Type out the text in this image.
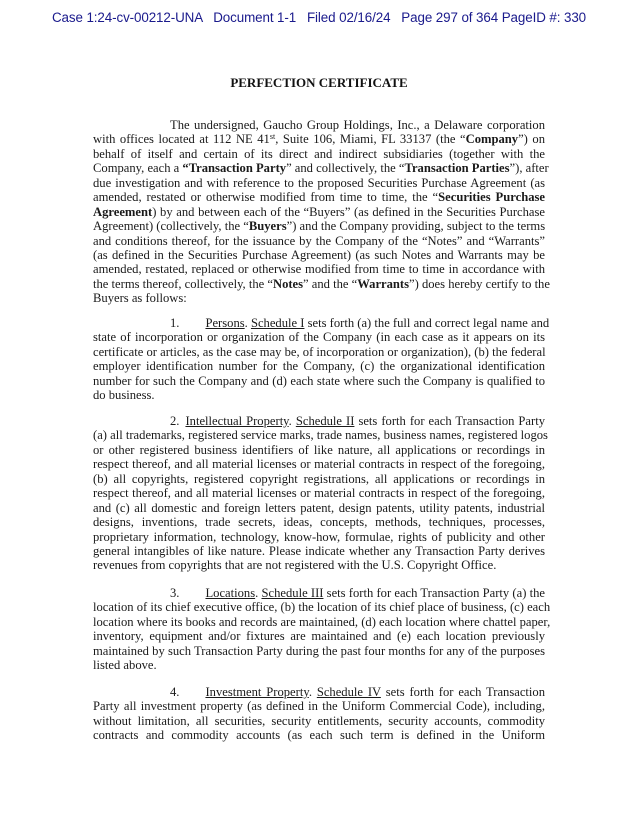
Case 1:24-cv-00212-UNA   Document 1-1   Filed 02/16/24   Page 297 of 364 PageID #: 330
PERFECTION CERTIFICATE
The undersigned, Gaucho Group Holdings, Inc., a Delaware corporation
with offices located at 112 NE 41st, Suite 106, Miami, FL 33137 (the “Company”) on
behalf of itself and certain of its direct and indirect subsidiaries (together with the
Company, each a “Transaction Party” and collectively, the “Transaction Parties”), after
due investigation and with reference to the proposed Securities Purchase Agreement (as
amended, restated or otherwise modified from time to time, the “Securities Purchase
Agreement) by and between each of the “Buyers” (as defined in the Securities Purchase
Agreement) (collectively, the “Buyers”) and the Company providing, subject to the terms
and conditions thereof, for the issuance by the Company of the “Notes” and “Warrants”
(as defined in the Securities Purchase Agreement) (as such Notes and Warrants may be
amended, restated, replaced or otherwise modified from time to time in accordance with
the terms thereof, collectively, the “Notes” and the “Warrants”) does hereby certify to the
Buyers as follows:
1. Persons. Schedule I sets forth (a) the full and correct legal name and
state of incorporation or organization of the Company (in each case as it appears on its
certificate or articles, as the case may be, of incorporation or organization), (b) the federal
employer identification number for the Company, (c) the organizational identification
number for such the Company and (d) each state where such the Company is qualified to
do business.
2. Intellectual Property. Schedule II sets forth for each Transaction Party
(a) all trademarks, registered service marks, trade names, business names, registered logos
or other registered business identifiers of like nature, all applications or recordings in
respect thereof, and all material licenses or material contracts in respect of the foregoing,
(b) all copyrights, registered copyright registrations, all applications or recordings in
respect thereof, and all material licenses or material contracts in respect of the foregoing,
and (c) all domestic and foreign letters patent, design patents, utility patents, industrial
designs, inventions, trade secrets, ideas, concepts, methods, techniques, processes,
proprietary information, technology, know-how, formulae, rights of publicity and other
general intangibles of like nature. Please indicate whether any Transaction Party derives
revenues from copyrights that are not registered with the U.S. Copyright Office.
3. Locations. Schedule III sets forth for each Transaction Party (a) the
location of its chief executive office, (b) the location of its chief place of business, (c) each
location where its books and records are maintained, (d) each location where chattel paper,
inventory, equipment and/or fixtures are maintained and (e) each location previously
maintained by such Transaction Party during the past four months for any of the purposes
listed above.
4. Investment Property. Schedule IV sets forth for each Transaction
Party all investment property (as defined in the Uniform Commercial Code), including,
without limitation, all securities, security entitlements, security accounts, commodity
contracts and commodity accounts (as each such term is defined in the Uniform
